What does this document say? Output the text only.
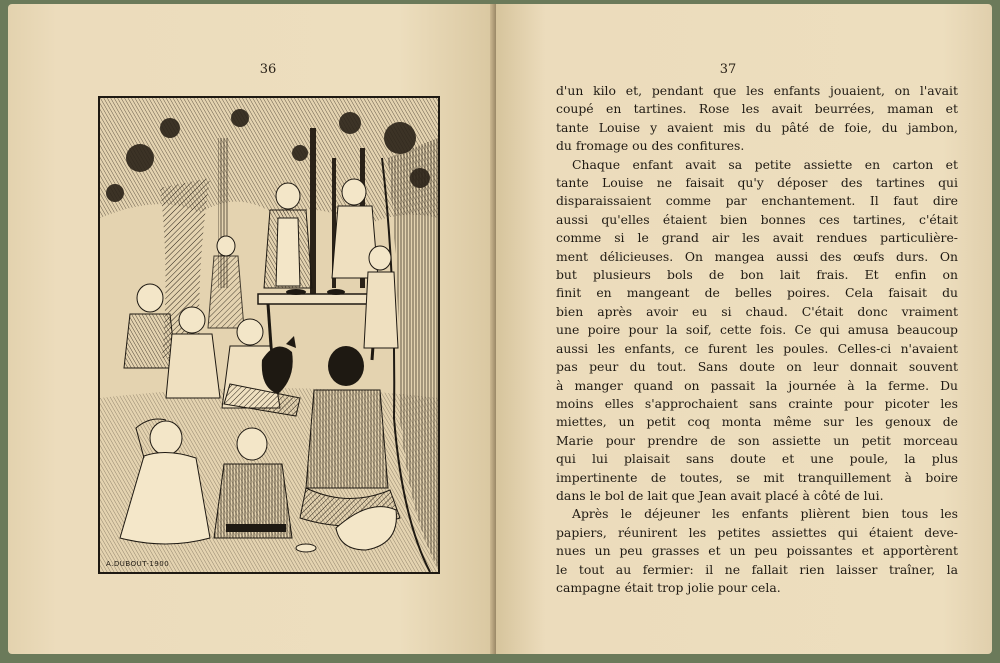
36
A.DUBOUT-1900
37

d'un kilo et, pendant que les enfants jouaient, on l'avait
coupé en tartines. Rose les avait beurrées, maman et
tante Louise y avaient mis du pâté de foie, du jambon,
du fromage ou des confitures.

Chaque enfant avait sa petite assiette en carton et
tante Louise ne faisait qu'y déposer des tartines qui
disparaissaient comme par enchantement. Il faut dire
aussi qu'elles étaient bien bonnes ces tartines, c'était
comme si le grand air les avait rendues particulière-
ment délicieuses. On mangea aussi des œufs durs. On
but plusieurs bols de bon lait frais. Et enfin on
finit en mangeant de belles poires. Cela faisait du
bien après avoir eu si chaud. C'était donc vraiment
une poire pour la soif, cette fois. Ce qui amusa beaucoup
aussi les enfants, ce furent les poules. Celles-ci n'avaient
pas peur du tout. Sans doute on leur donnait souvent
à manger quand on passait la journée à la ferme. Du
moins elles s'approchaient sans crainte pour picoter les
miettes, un petit coq monta même sur les genoux de
Marie pour prendre de son assiette un petit morceau
qui lui plaisait sans doute et une poule, la plus
impertinente de toutes, se mit tranquillement à boire
dans le bol de lait que Jean avait placé à côté de lui.

Après le déjeuner les enfants plièrent bien tous les
papiers, réunirent les petites assiettes qui étaient deve-
nues un peu grasses et un peu poissantes et apportèrent
le tout au fermier: il ne fallait rien laisser traîner, la
campagne était trop jolie pour cela.
